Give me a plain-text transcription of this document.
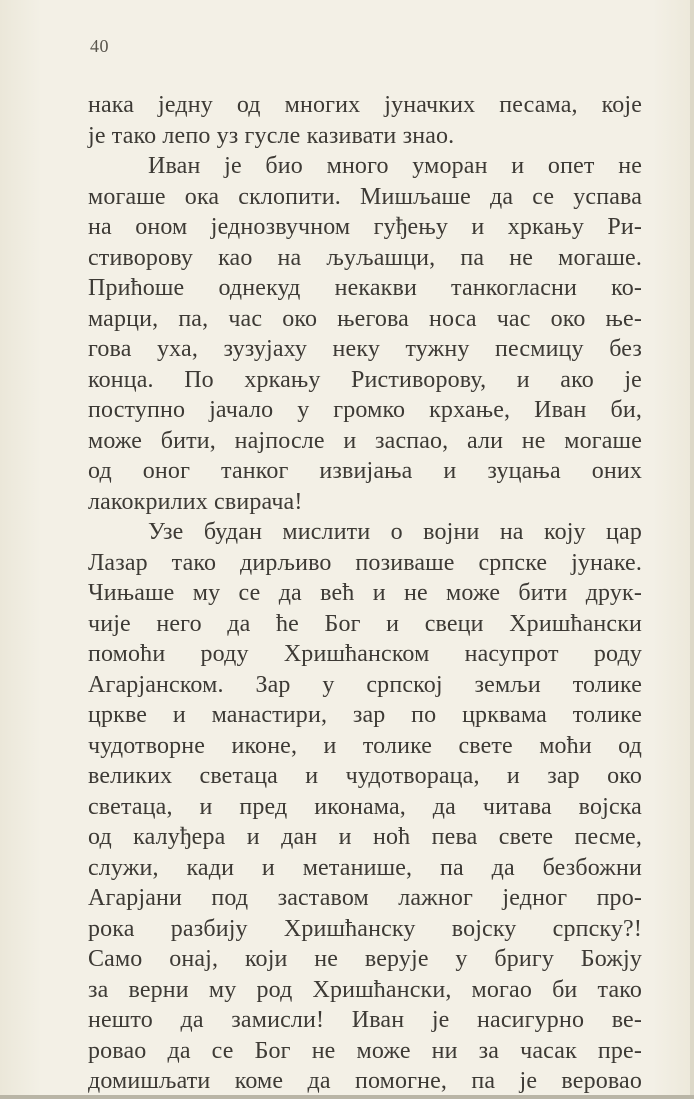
40
нака једну од многих јуначких песама, које
је тако лепо уз гусле казивати знао.
Иван је био много уморан и опет не
могаше ока склопити. Мишљаше да се успава
на оном једнозвучном гуђењу и хркању Ри-
стиворову као на љуљашци, па не могаше.
Прићоше однекуд некакви танкогласни ко-
марци, па, час око његова носа час око ње-
гова уха, зузујаху неку тужну песмицу без
конца. По хркању Ристиворову, и ако је
поступно јачало у громко крхање, Иван би,
може бити, најпосле и заспао, али не могаше
од оног танког извијања и зуцања оних
лакокрилих свирача!
Узе будан мислити о војни на коју цар
Лазар тако дирљиво позиваше српске јунаке.
Чињаше му се да већ и не може бити друк-
чије него да ће Бог и свеци Хришћански
помоћи роду Хришћанском насупрот роду
Агарјанском. Зар у српској земљи толике
цркве и манастири, зар по црквама толике
чудотворне иконе, и толике свете моћи од
великих светаца и чудотвораца, и зар око
светаца, и пред иконама, да читава војска
од калуђера и дан и ноћ пева свете песме,
служи, кади и метанише, па да безбожни
Агарјани под заставом лажног једног про-
рока разбију Хришћанску војску српску?!
Само онај, који не верује у бригу Божју
за верни му род Хришћански, могао би тако
нешто да замисли! Иван је насигурно ве-
ровао да се Бог не може ни за часак пре-
домишљати коме да помогне, па је веровао
